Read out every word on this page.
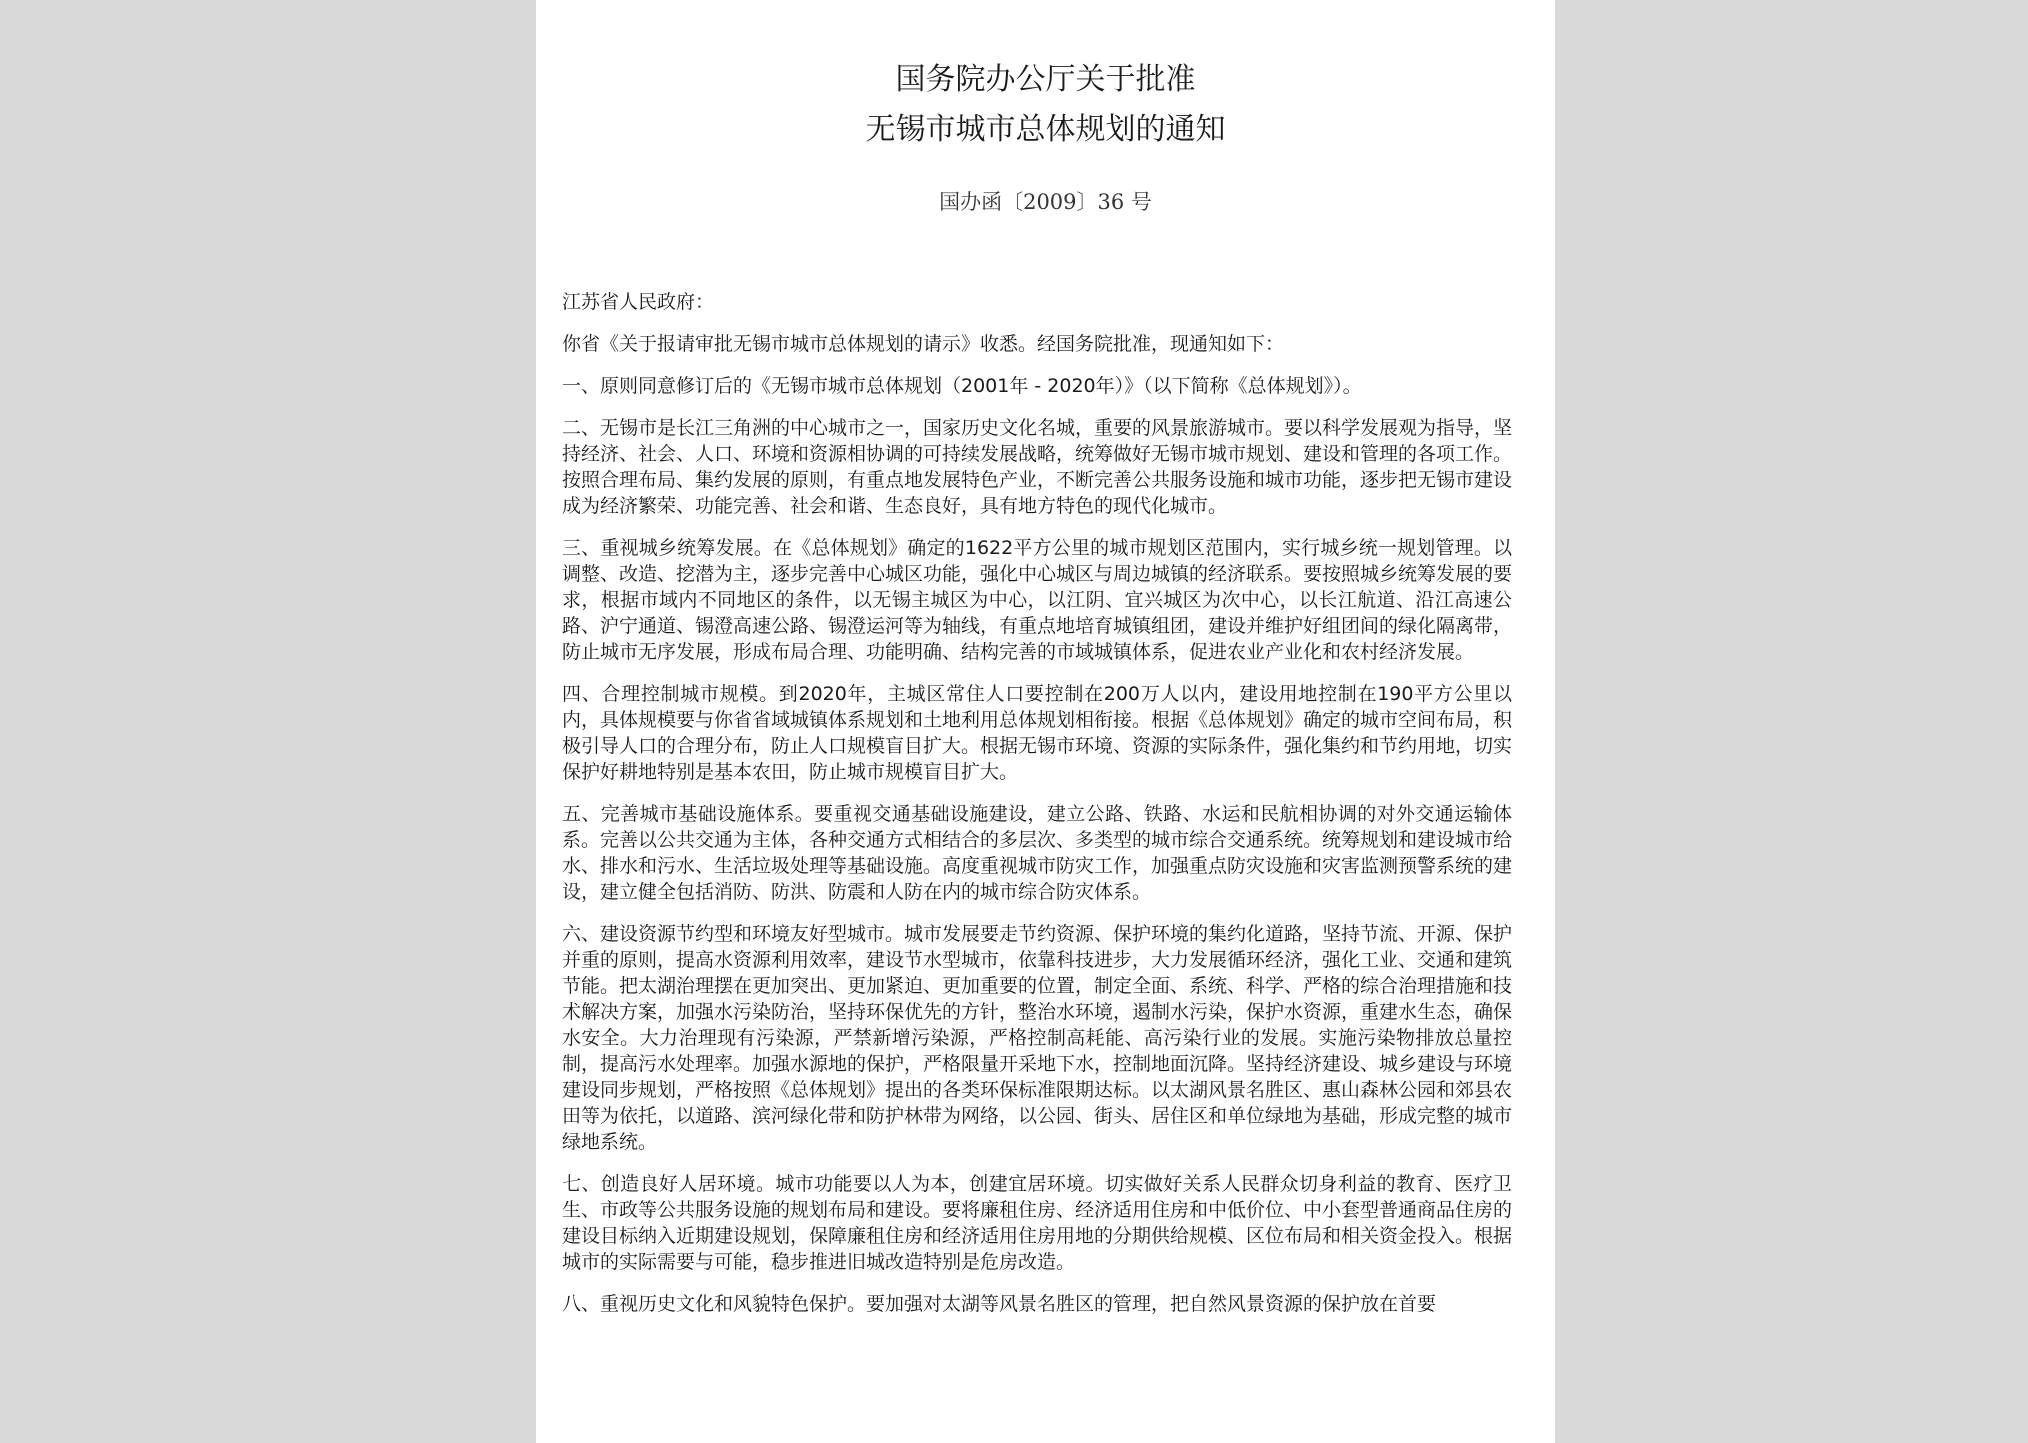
国务院办公厅关于批准
无锡市城市总体规划的通知
国办函〔2009〕36 号

江苏省人民政府：

你省《关于报请审批无锡市城市总体规划的请示》收悉。经国务院批准，现通知如下：

一、原则同意修订后的《无锡市城市总体规划（2001年 - 2020年）》（以下简称《总体规划》）。

二、无锡市是长江三角洲的中心城市之一，国家历史文化名城，重要的风景旅游城市。要以科学发展观为指导，坚持经济、社会、人口、环境和资源相协调的可持续发展战略，统筹做好无锡市城市规划、建设和管理的各项工作。按照合理布局、集约发展的原则，有重点地发展特色产业，不断完善公共服务设施和城市功能，逐步把无锡市建设成为经济繁荣、功能完善、社会和谐、生态良好，具有地方特色的现代化城市。

三、重视城乡统筹发展。在《总体规划》确定的1622平方公里的城市规划区范围内，实行城乡统一规划管理。以调整、改造、挖潜为主，逐步完善中心城区功能，强化中心城区与周边城镇的经济联系。要按照城乡统筹发展的要求，根据市域内不同地区的条件，以无锡主城区为中心，以江阴、宜兴城区为次中心，以长江航道、沿江高速公路、沪宁通道、锡澄高速公路、锡澄运河等为轴线，有重点地培育城镇组团，建设并维护好组团间的绿化隔离带，防止城市无序发展，形成布局合理、功能明确、结构完善的市域城镇体系，促进农业产业化和农村经济发展。

四、合理控制城市规模。到2020年，主城区常住人口要控制在200万人以内，建设用地控制在190平方公里以内，具体规模要与你省省域城镇体系规划和土地利用总体规划相衔接。根据《总体规划》确定的城市空间布局，积极引导人口的合理分布，防止人口规模盲目扩大。根据无锡市环境、资源的实际条件，强化集约和节约用地，切实保护好耕地特别是基本农田，防止城市规模盲目扩大。

五、完善城市基础设施体系。要重视交通基础设施建设，建立公路、铁路、水运和民航相协调的对外交通运输体系。完善以公共交通为主体，各种交通方式相结合的多层次、多类型的城市综合交通系统。统筹规划和建设城市给水、排水和污水、生活垃圾处理等基础设施。高度重视城市防灾工作，加强重点防灾设施和灾害监测预警系统的建设，建立健全包括消防、防洪、防震和人防在内的城市综合防灾体系。

六、建设资源节约型和环境友好型城市。城市发展要走节约资源、保护环境的集约化道路，坚持节流、开源、保护并重的原则，提高水资源利用效率，建设节水型城市，依靠科技进步，大力发展循环经济，强化工业、交通和建筑节能。把太湖治理摆在更加突出、更加紧迫、更加重要的位置，制定全面、系统、科学、严格的综合治理措施和技术解决方案，加强水污染防治，坚持环保优先的方针，整治水环境，遏制水污染，保护水资源，重建水生态，确保水安全。大力治理现有污染源，严禁新增污染源，严格控制高耗能、高污染行业的发展。实施污染物排放总量控制，提高污水处理率。加强水源地的保护，严格限量开采地下水，控制地面沉降。坚持经济建设、城乡建设与环境建设同步规划，严格按照《总体规划》提出的各类环保标准限期达标。以太湖风景名胜区、惠山森林公园和郊县农田等为依托，以道路、滨河绿化带和防护林带为网络，以公园、街头、居住区和单位绿地为基础，形成完整的城市绿地系统。

七、创造良好人居环境。城市功能要以人为本，创建宜居环境。切实做好关系人民群众切身利益的教育、医疗卫生、市政等公共服务设施的规划布局和建设。要将廉租住房、经济适用住房和中低价位、中小套型普通商品住房的建设目标纳入近期建设规划，保障廉租住房和经济适用住房用地的分期供给规模、区位布局和相关资金投入。根据城市的实际需要与可能，稳步推进旧城改造特别是危房改造。

八、重视历史文化和风貌特色保护。要加强对太湖等风景名胜区的管理，把自然风景资源的保护放在首要
